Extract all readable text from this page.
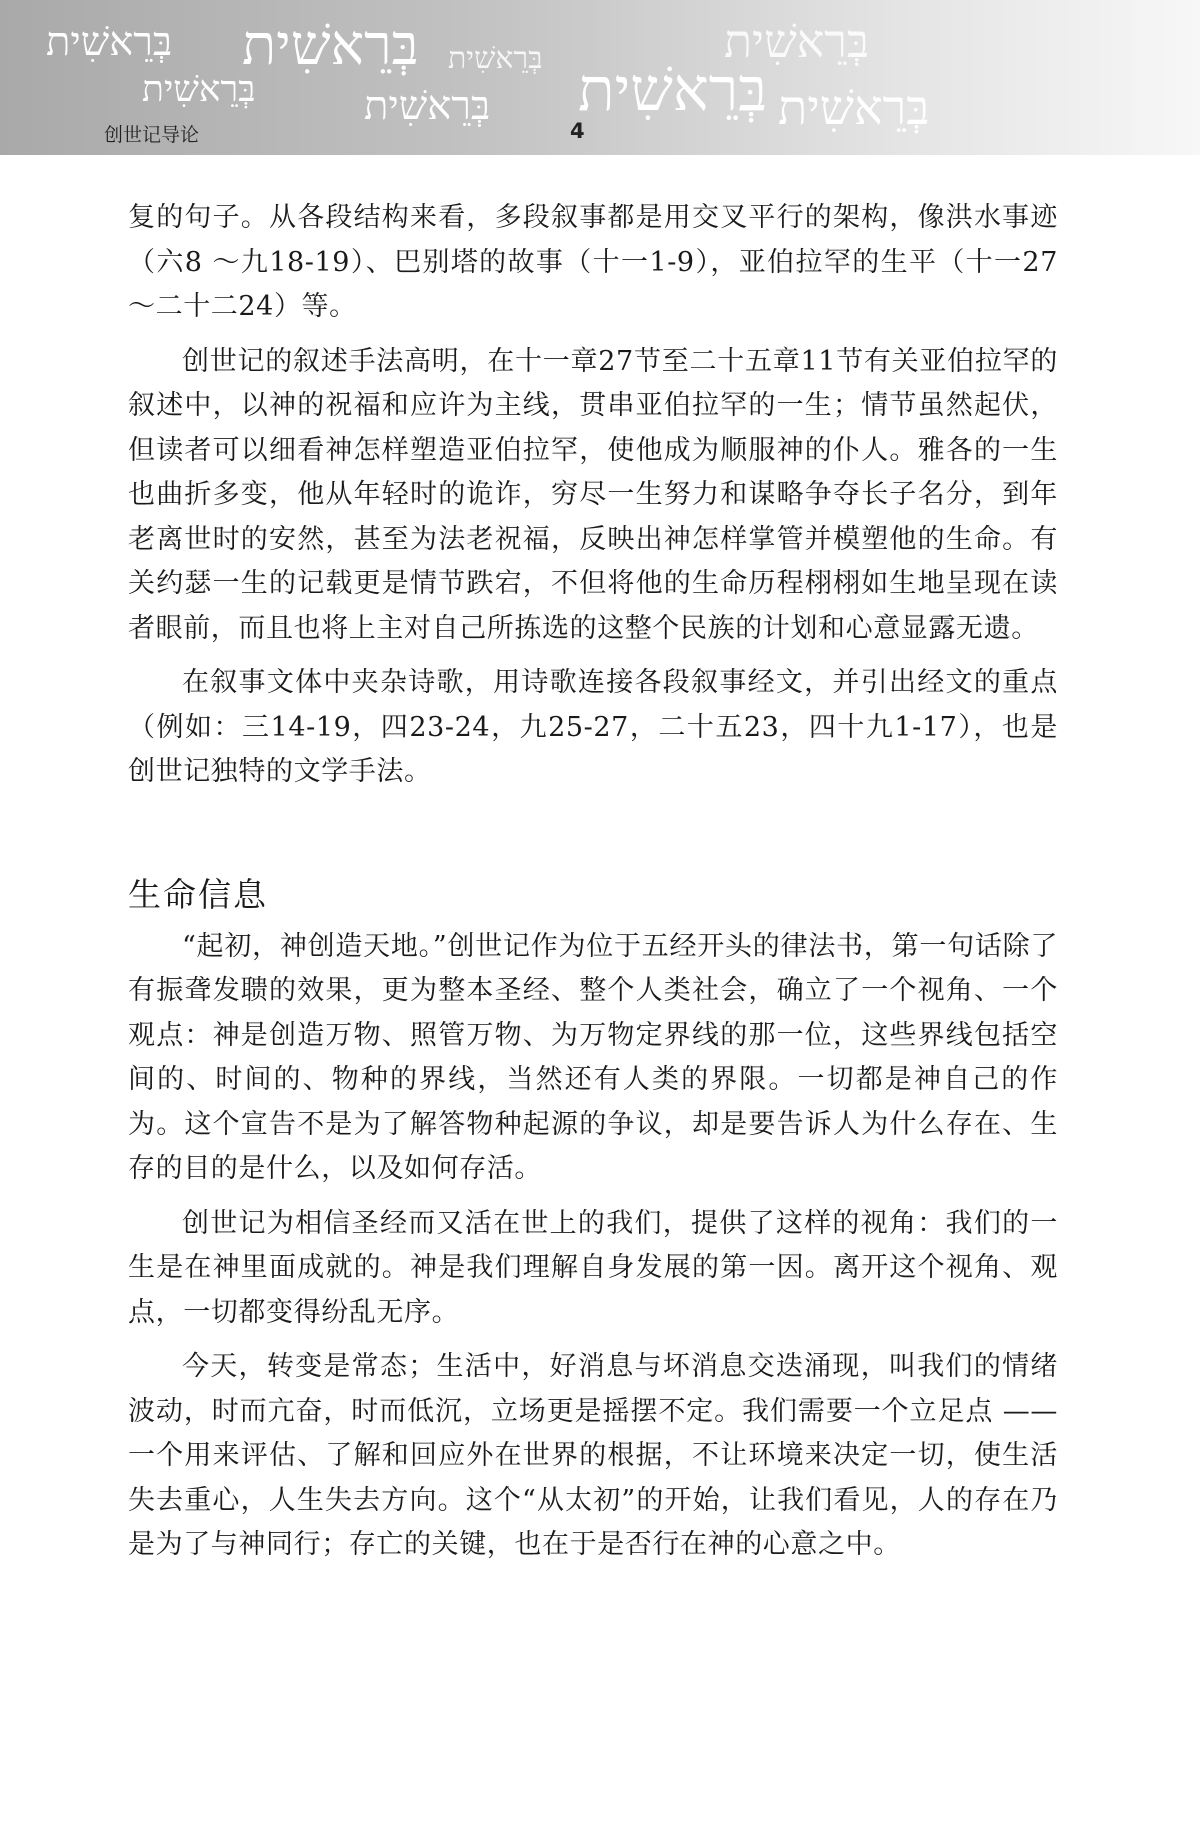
בְּרֵאשִׁית בְּרֵאשִׁית בְּרֵאשִׁית
בְּרֵאשִׁית	בְּרֵאשִׁית בְּרֵאשִׁית
בְּרֵאשִׁית
בְּרֵאשִׁית
创世记导论	4

复的句子。从各段结构来看，多段叙事都是用交叉平行的架构，像洪水事迹（六8 ～九18-19）、巴别塔的故事（十一1-9），亚伯拉罕的生平（十一27 ～二十二24）等。

创世记的叙述手法高明，在十一章27节至二十五章11节有关亚伯拉罕的叙述中，以神的祝福和应许为主线，贯串亚伯拉罕的一生；情节虽然起伏，但读者可以细看神怎样塑造亚伯拉罕，使他成为顺服神的仆人。雅各的一生也曲折多变，他从年轻时的诡诈，穷尽一生努力和谋略争夺长子名分，到年老离世时的安然，甚至为法老祝福，反映出神怎样掌管并模塑他的生命。有关约瑟一生的记载更是情节跌宕，不但将他的生命历程栩栩如生地呈现在读者眼前，而且也将上主对自己所拣选的这整个民族的计划和心意显露无遗。

在叙事文体中夹杂诗歌，用诗歌连接各段叙事经文，并引出经文的重点（例如：三14-19，四23-24，九25-27，二十五23，四十九1-17），也是创世记独特的文学手法。

生命信息

“起初，神创造天地。”创世记作为位于五经开头的律法书，第一句话除了有振聋发聩的效果，更为整本圣经、整个人类社会，确立了一个视角、一个观点：神是创造万物、照管万物、为万物定界线的那一位，这些界线包括空间的、时间的、物种的界线，当然还有人类的界限。一切都是神自己的作为。这个宣告不是为了解答物种起源的争议，却是要告诉人为什么存在、生存的目的是什么，以及如何存活。

创世记为相信圣经而又活在世上的我们，提供了这样的视角：我们的一生是在神里面成就的。神是我们理解自身发展的第一因。离开这个视角、观点，一切都变得纷乱无序。

今天，转变是常态；生活中，好消息与坏消息交迭涌现，叫我们的情绪波动，时而亢奋，时而低沉，立场更是摇摆不定。我们需要一个立足点 ——一个用来评估、了解和回应外在世界的根据，不让环境来决定一切，使生活失去重心，人生失去方向。这个“从太初”的开始，让我们看见，人的存在乃是为了与神同行；存亡的关键，也在于是否行在神的心意之中。
